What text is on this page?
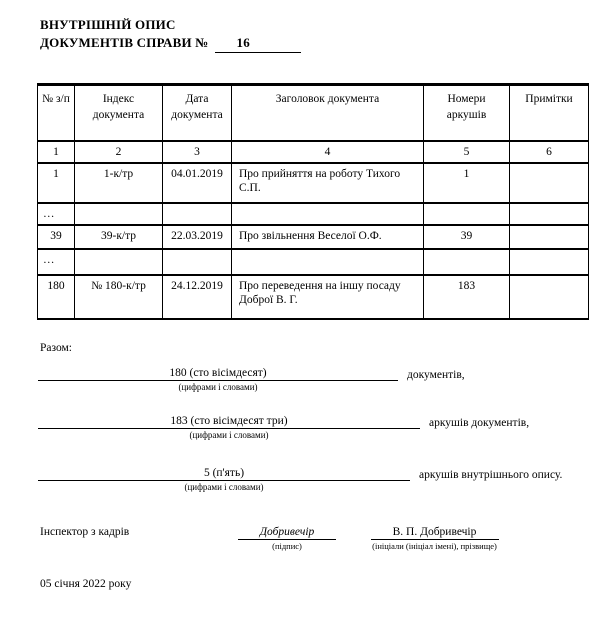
ВНУТРІШНІЙ ОПИС
ДОКУМЕНТІВ СПРАВИ № 16
№ з/п	Індекс документа	Дата документа	Заголовок документа	Номери аркушів	Примітки
1	2	3	4	5	6
1	1-к/тр	04.01.2019	Про прийняття на роботу Тихого С.П.	1	
…					
39	39-к/тр	22.03.2019	Про звільнення Веселої О.Ф.	39	
…					
180	№ 180-к/тр	24.12.2019	Про переведення на іншу посаду Доброї В. Г.	183	
Разом:
180 (сто вісімдесят)	документів,
(цифрами і словами)
183 (сто вісімдесят три)	аркушів документів,
(цифрами і словами)
5 (п'ять)	аркушів внутрішнього опису.
(цифрами і словами)
Інспектор з кадрів	Добривечір
(підпис)
В. П. Добривечір
(ініціали (ініціал імені), прізвище)
05 січня 2022 року
